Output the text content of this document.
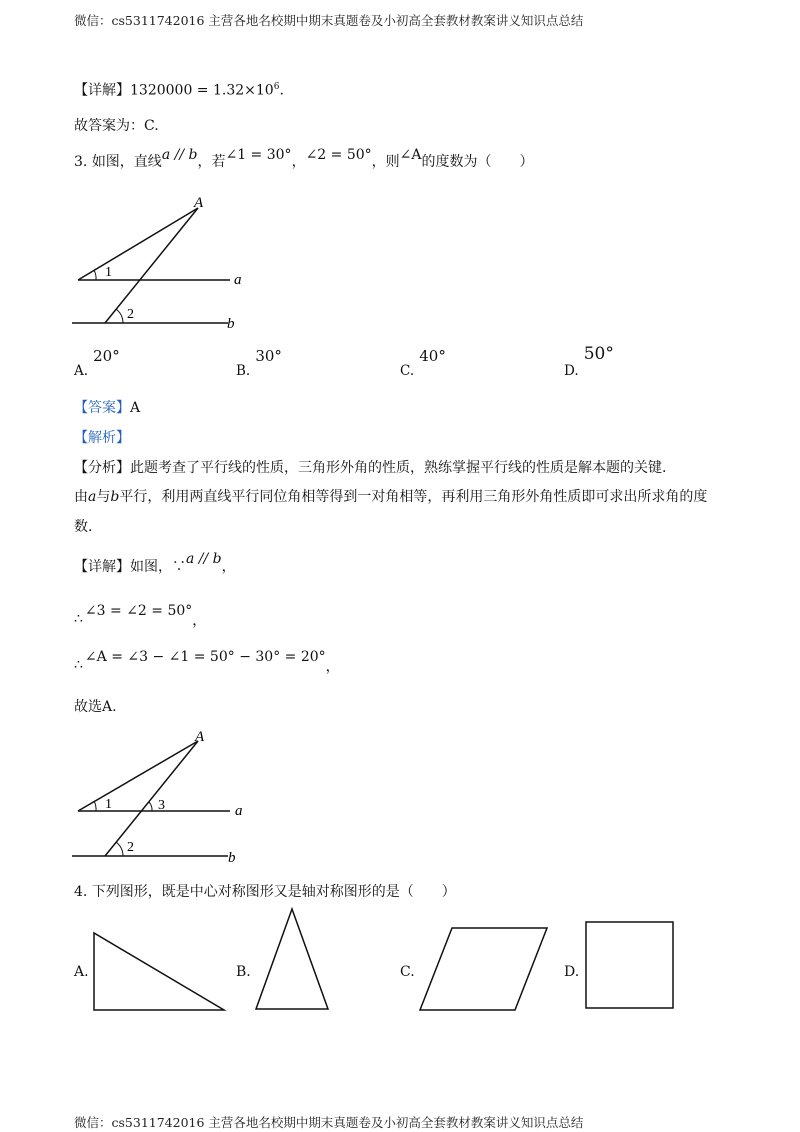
微信：cs5311742016 主营各地名校期中期末真题卷及小初高全套教材教案讲义知识点总结
【详解】$1320000 = 1.32\times 10^6$.
故答案为：C.
3. 如图，直线a // b，若∠1 = 30°，∠2 = 50°，则∠A的度数为（　　）
A
1
2
a
b
$_{A.}$ 20°
$_{B.}$ 30°
$_{C.}$ 40°
$_{D.}$ 50°
【答案】A
【解析】
【分析】此题考查了平行线的性质，三角形外角的性质，熟练掌握平行线的性质是解本题的关键.
由a与b平行，利用两直线平行同位角相等得到一对角相等，再利用三角形外角性质即可求出所求角的度
数.
【详解】如图，∵a // b，
∴ ∠3 = ∠2 = 50°，
∴ ∠A = ∠3 − ∠1 = 50° − 30° = 20°，
故选A.
A
1	3
2
a
b
4. 下列图形，既是中心对称图形又是轴对称图形的是（　　）
A.	B.	C.	D.
微信：cs5311742016 主营各地名校期中期末真题卷及小初高全套教材教案讲义知识点总结
